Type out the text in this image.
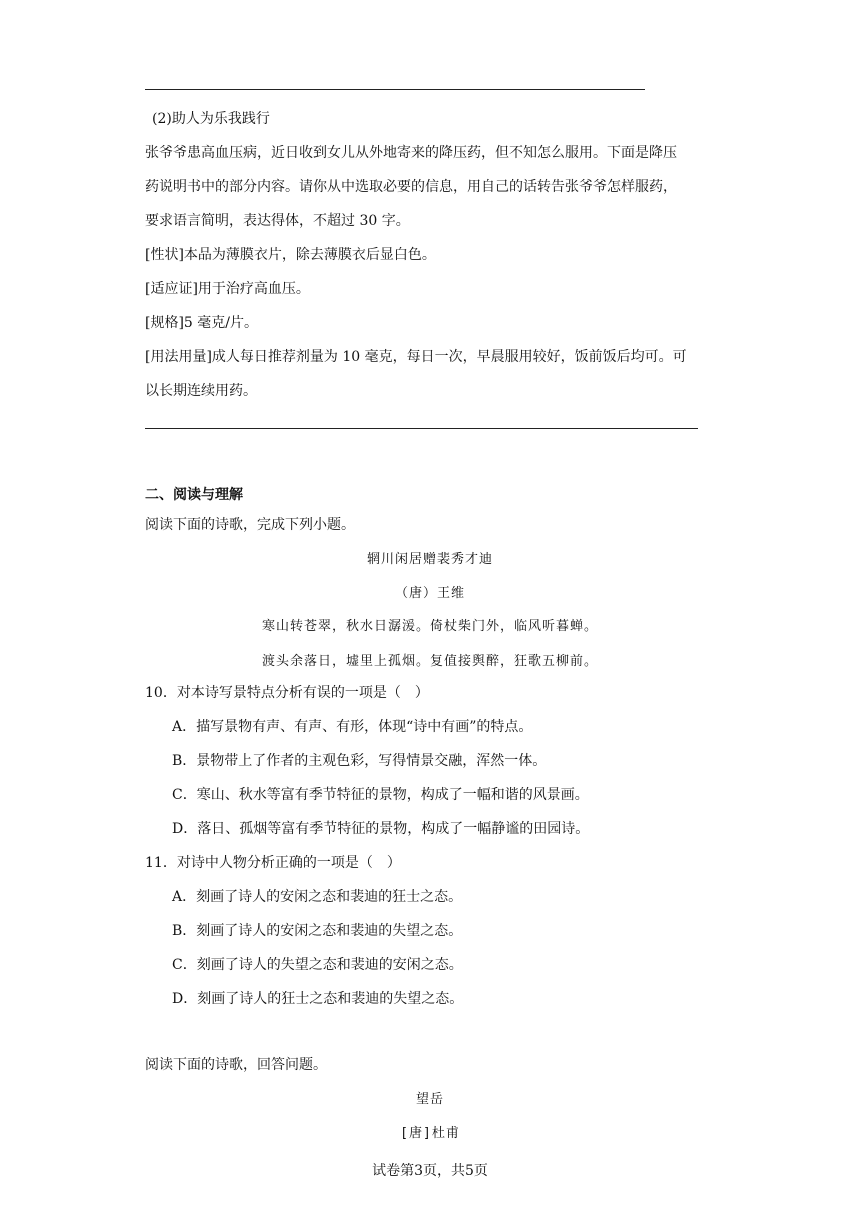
(2)助人为乐我践行
张爷爷患高血压病，近日收到女儿从外地寄来的降压药，但不知怎么服用。下面是降压
药说明书中的部分内容。请你从中选取必要的信息，用自己的话转告张爷爷怎样服药，
要求语言简明，表达得体，不超过 30 字。
[性状]本品为薄膜衣片，除去薄膜衣后显白色。
[适应证]用于治疗高血压。
[规格]5 毫克/片。
[用法用量]成人每日推荐剂量为 10 毫克，每日一次，早晨服用较好，饭前饭后均可。可
以长期连续用药。
二、阅读与理解
阅读下面的诗歌，完成下列小题。
辋川闲居赠裴秀才迪
（唐）王维
寒山转苍翠，秋水日潺湲。倚杖柴门外，临风听暮蝉。
渡头余落日，墟里上孤烟。复值接舆醉，狂歌五柳前。
10．对本诗写景特点分析有误的一项是（　）
A．描写景物有声、有声、有形，体现“诗中有画”的特点。
B．景物带上了作者的主观色彩，写得情景交融，浑然一体。
C．寒山、秋水等富有季节特征的景物，构成了一幅和谐的风景画。
D．落日、孤烟等富有季节特征的景物，构成了一幅静谧的田园诗。
11．对诗中人物分析正确的一项是（　）
A．刻画了诗人的安闲之态和裴迪的狂士之态。
B．刻画了诗人的安闲之态和裴迪的失望之态。
C．刻画了诗人的失望之态和裴迪的安闲之态。
D．刻画了诗人的狂士之态和裴迪的失望之态。
阅读下面的诗歌，回答问题。
望岳
[唐]杜甫
试卷第3页，共5页
